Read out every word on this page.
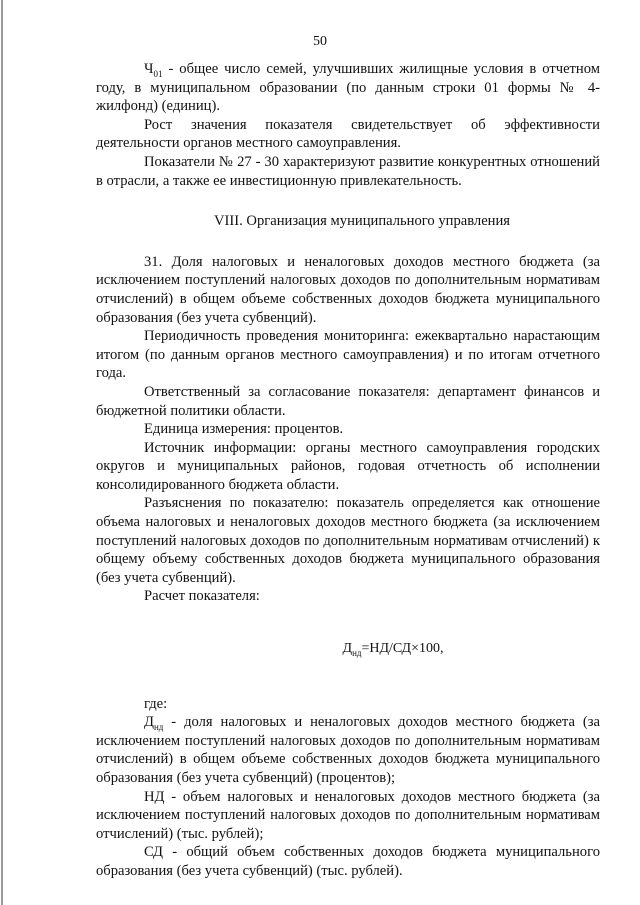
50

$Ч_{01}$ - общее число семей, улучшивших жилищные условия в отчетном году, в муниципальном образовании (по данным строки 01 формы № 4-жилфонд) (единиц).

Рост значения показателя свидетельствует об эффективности деятельности органов местного самоуправления.

Показатели № 27 - 30 характеризуют развитие конкурентных отношений в отрасли, а также ее инвестиционную привлекательность.

VIII. Организация муниципального управления

31. Доля налоговых и неналоговых доходов местного бюджета (за исключением поступлений налоговых доходов по дополнительным нормативам отчислений) в общем объеме собственных доходов бюджета муниципального образования (без учета субвенций).

Периодичность проведения мониторинга: ежеквартально нарастающим итогом (по данным органов местного самоуправления) и по итогам отчетного года.

Ответственный за согласование показателя: департамент финансов и бюджетной политики области.

Единица измерения: процентов.

Источник информации: органы местного самоуправления городских округов и муниципальных районов, годовая отчетность об исполнении консолидированного бюджета области.

Разъяснения по показателю: показатель определяется как отношение объема налоговых и неналоговых доходов местного бюджета (за исключением поступлений налоговых доходов по дополнительным нормативам отчислений) к общему объему собственных доходов бюджета муниципального образования (без учета субвенций).

Расчет показателя:

$Д_{нд}=НД/СД\times 100$,

где:

$Д_{нд}$ - доля налоговых и неналоговых доходов местного бюджета (за исключением поступлений налоговых доходов по дополнительным нормативам отчислений) в общем объеме собственных доходов бюджета муниципального образования (без учета субвенций) (процентов);

НД - объем налоговых и неналоговых доходов местного бюджета (за исключением поступлений налоговых доходов по дополнительным нормативам отчислений) (тыс. рублей);

СД - общий объем собственных доходов бюджета муниципального образования (без учета субвенций) (тыс. рублей).
